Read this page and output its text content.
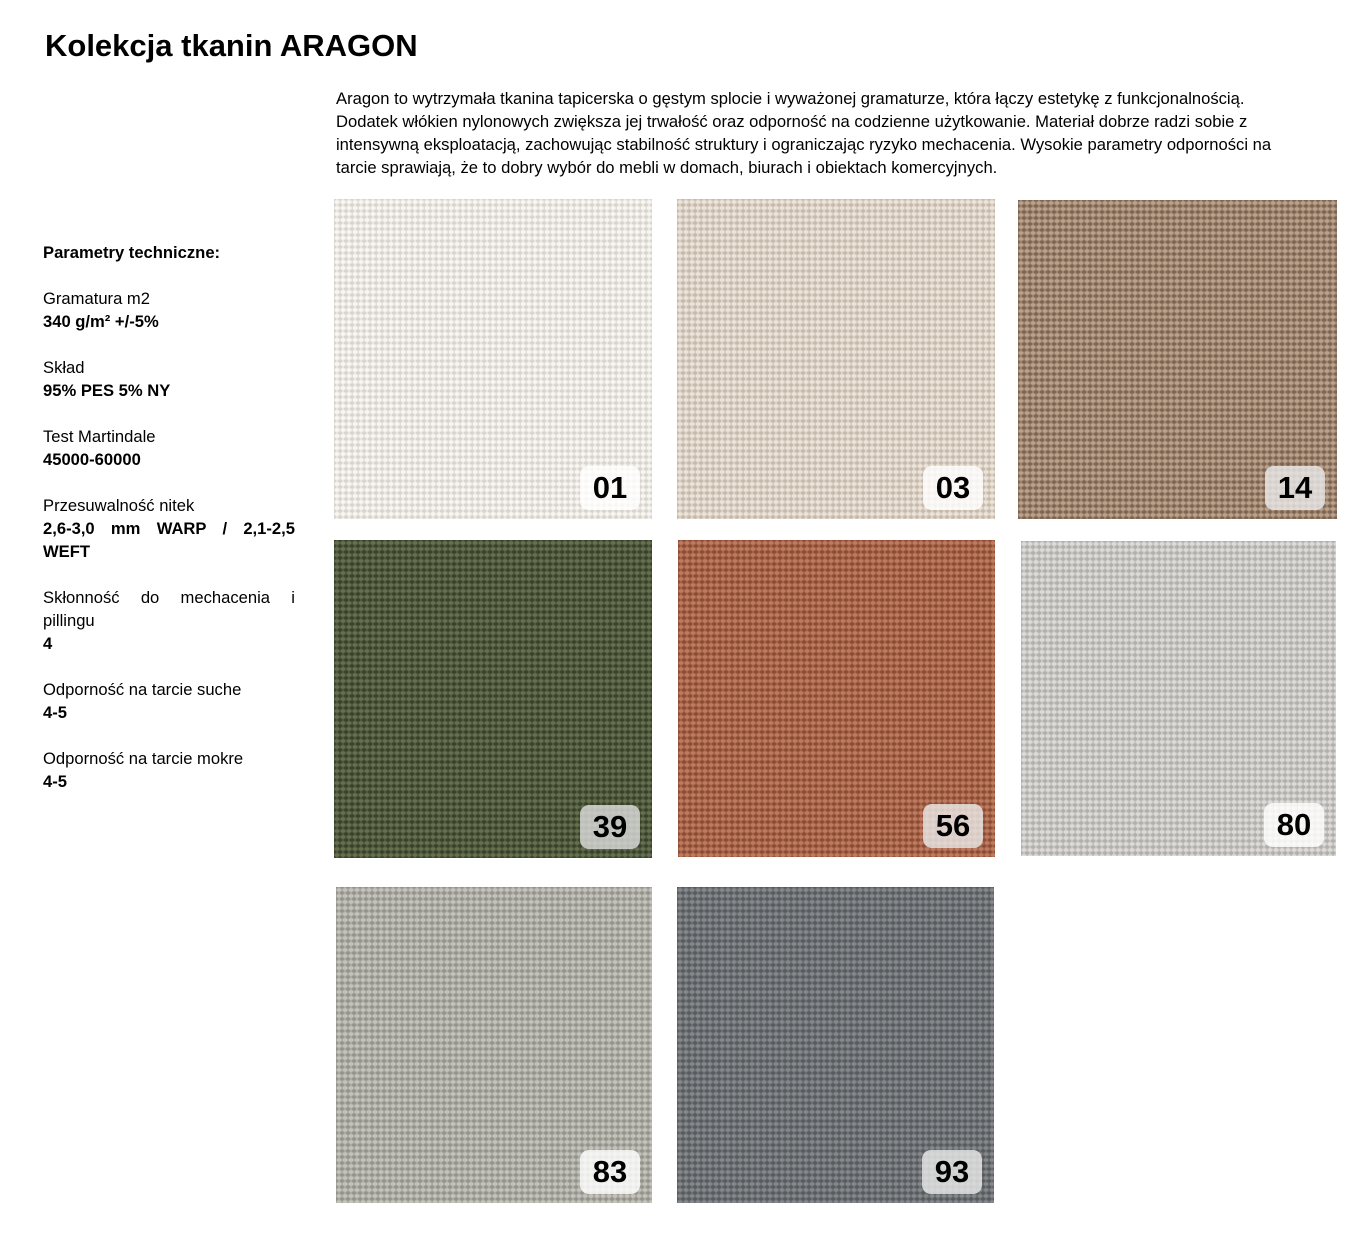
Kolekcja tkanin ARAGON

Aragon to wytrzymała tkanina tapicerska o gęstym splocie i wyważonej gramaturze, która łączy estetykę z funkcjonalnością.
Dodatek włókien nylonowych zwiększa jej trwałość oraz odporność na codzienne użytkowanie. Materiał dobrze radzi sobie z
intensywną eksploatacją, zachowując stabilność struktury i ograniczając ryzyko mechacenia. Wysokie parametry odporności na
tarcie sprawiają, że to dobry wybór do mebli w domach, biurach i obiektach komercyjnych.

Parametry techniczne:
Gramatura m2
340 g/m² +/-5%
Skład
95% PES 5% NY
Test Martindale
45000-60000
Przesuwalność nitek
2,6-3,0 mm WARP / 2,1-2,5 WEFT
Skłonność do mechacenia i pillingu
4
Odporność na tarcie suche
4-5
Odporność na tarcie mokre
4-5
01	03	14
39	56	80
83	93
